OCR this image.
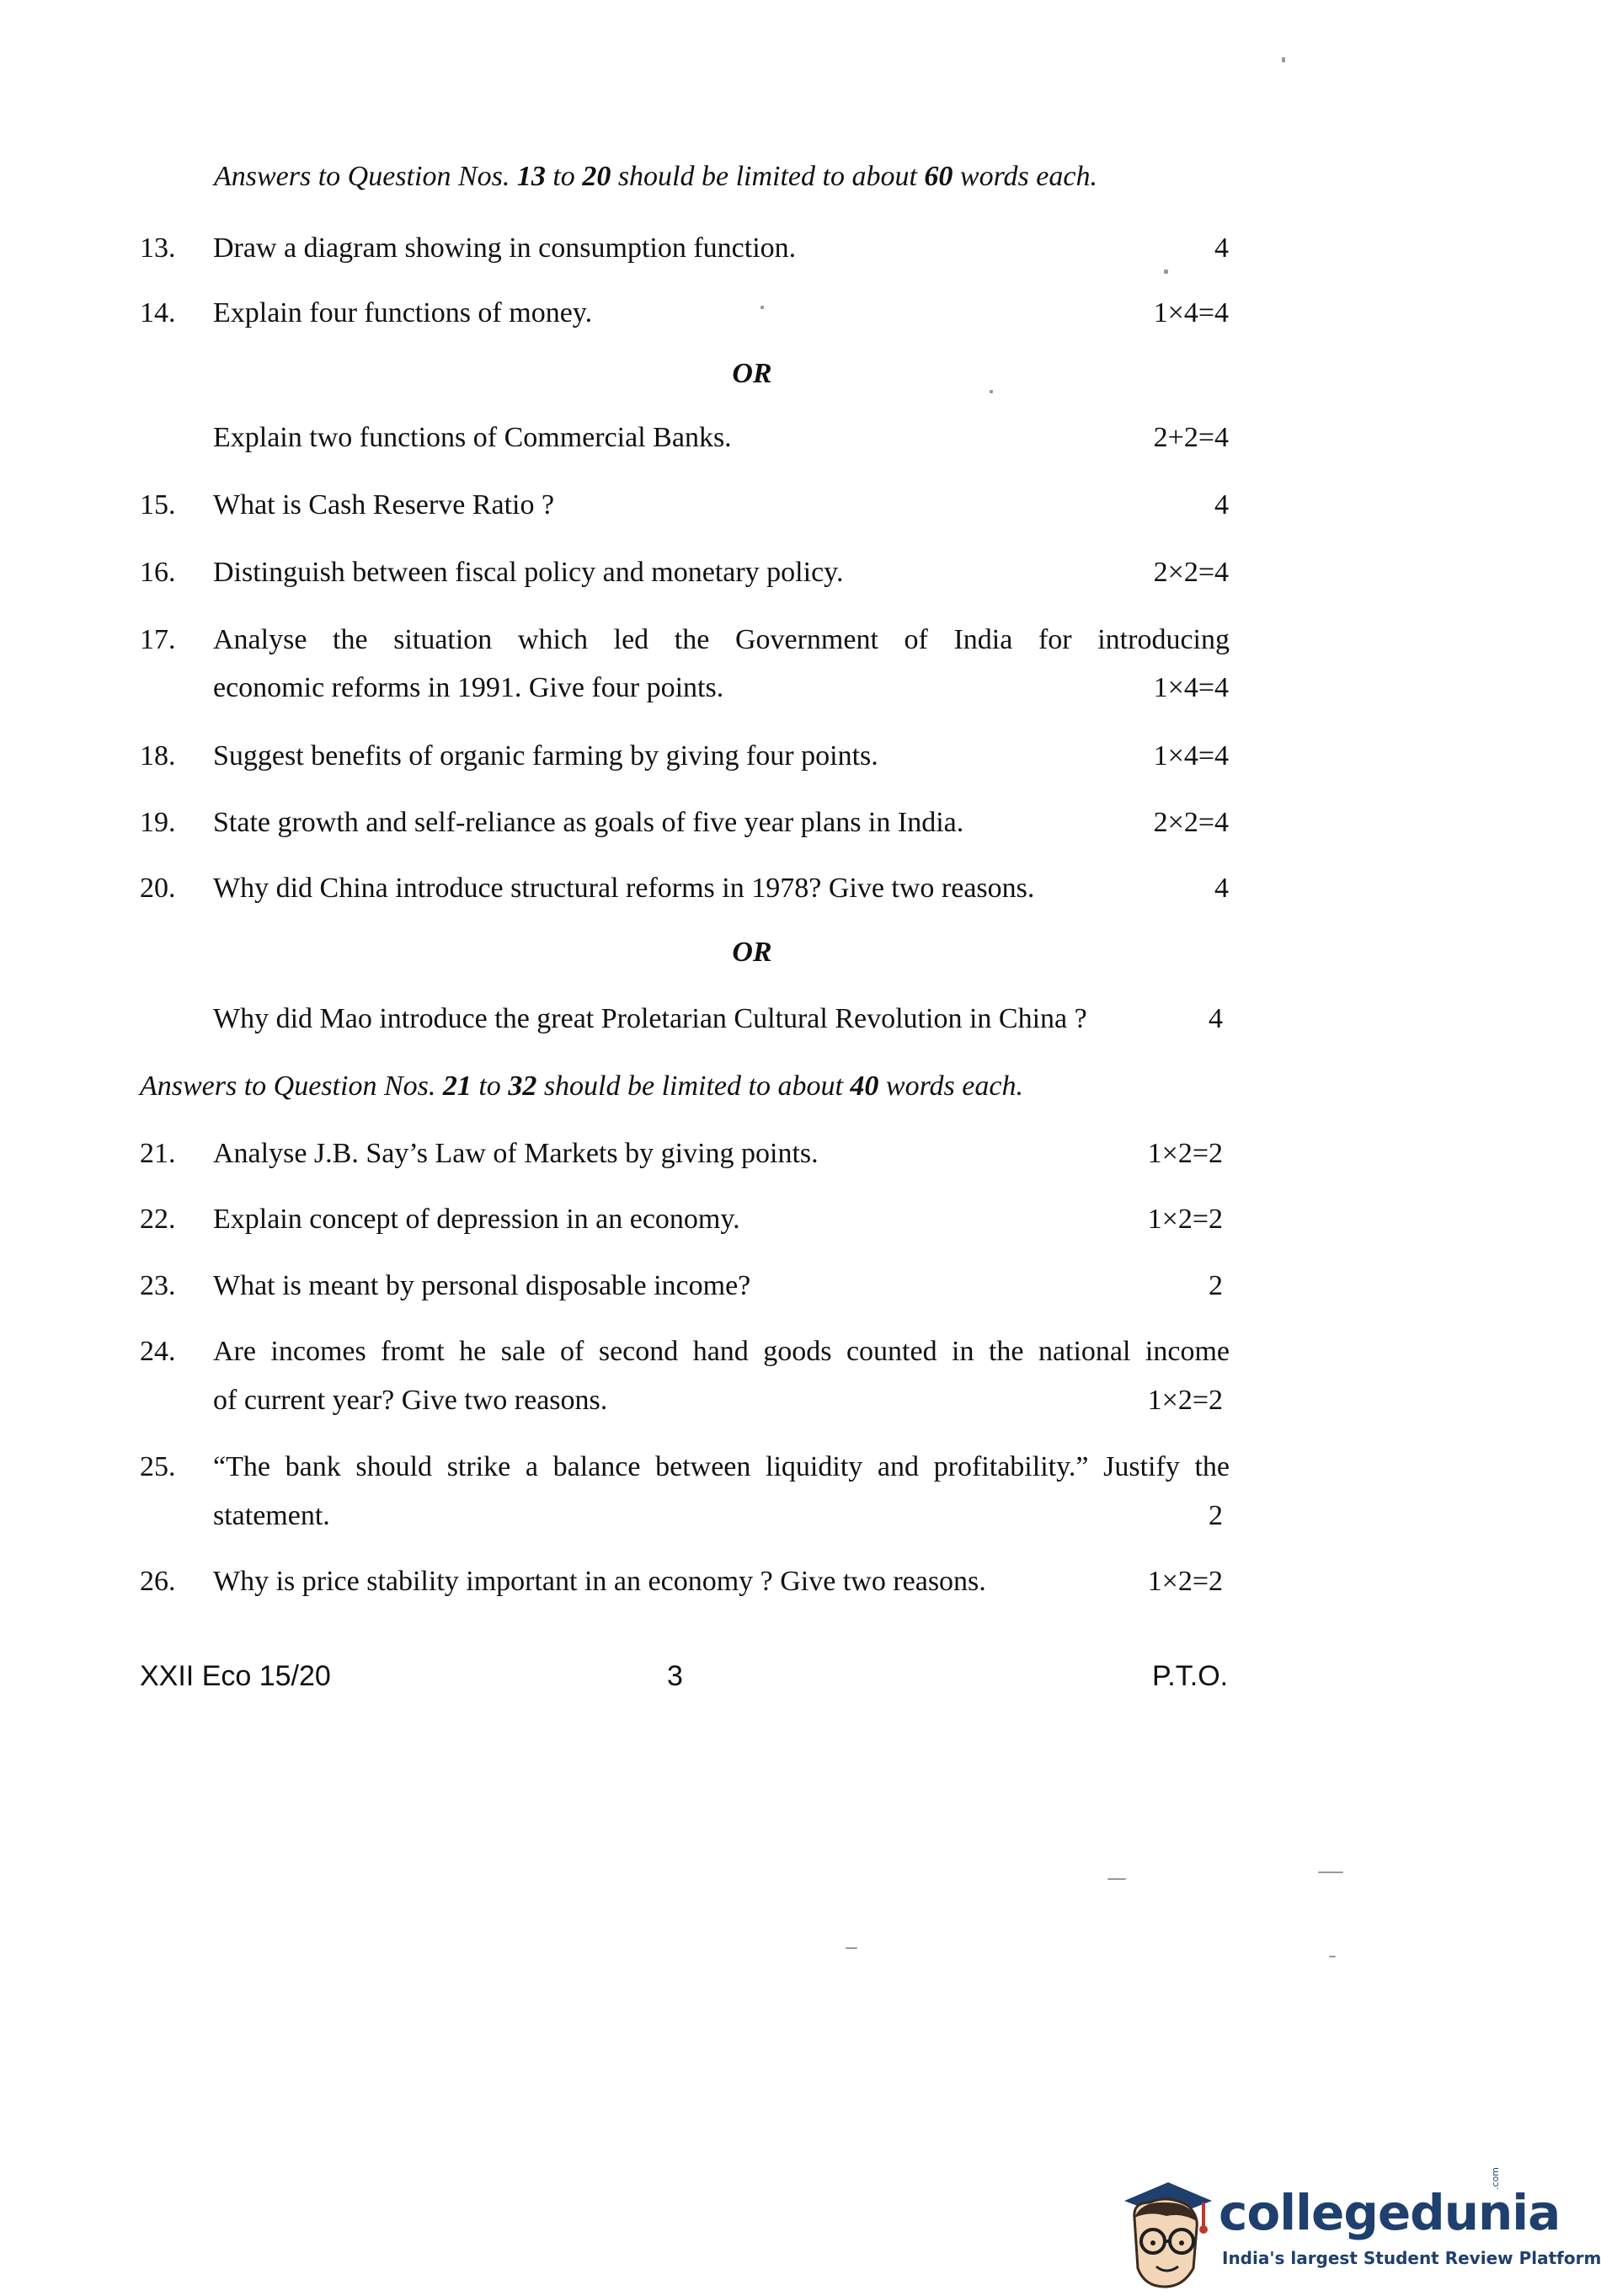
Answers to Question Nos. 13 to 20 should be limited to about 60 words each.
13. Draw a diagram showing in consumption function.	4
14. Explain four functions of money.	1×4=4
OR
Explain two functions of Commercial Banks.	2+2=4
15. What is Cash Reserve Ratio ?	4
16. Distinguish between fiscal policy and monetary policy.	2×2=4
17. Analyse the situation which led the Government of India for introducing
economic reforms in 1991. Give four points.	1×4=4
18. Suggest benefits of organic farming by giving four points.	1×4=4
19. State growth and self-reliance as goals of five year plans in India.	2×2=4
20. Why did China introduce structural reforms in 1978? Give two reasons.	4
OR
Why did Mao introduce the great Proletarian Cultural Revolution in China ?	4
Answers to Question Nos. 21 to 32 should be limited to about 40 words each.
21. Analyse J.B. Say’s Law of Markets by giving points.	1×2=2
22. Explain concept of depression in an economy.	1×2=2
23. What is meant by personal disposable income?	2
24. Are incomes fromt he sale of second hand goods counted in the national income
of current year? Give two reasons.	1×2=2
25. “The bank should strike a balance between liquidity and profitability.” Justify the
statement.	2
26. Why is price stability important in an economy ? Give two reasons.	1×2=2
XXII Eco 15/20	3	P.T.O.
collegedunia
.com
India's largest Student Review Platform
